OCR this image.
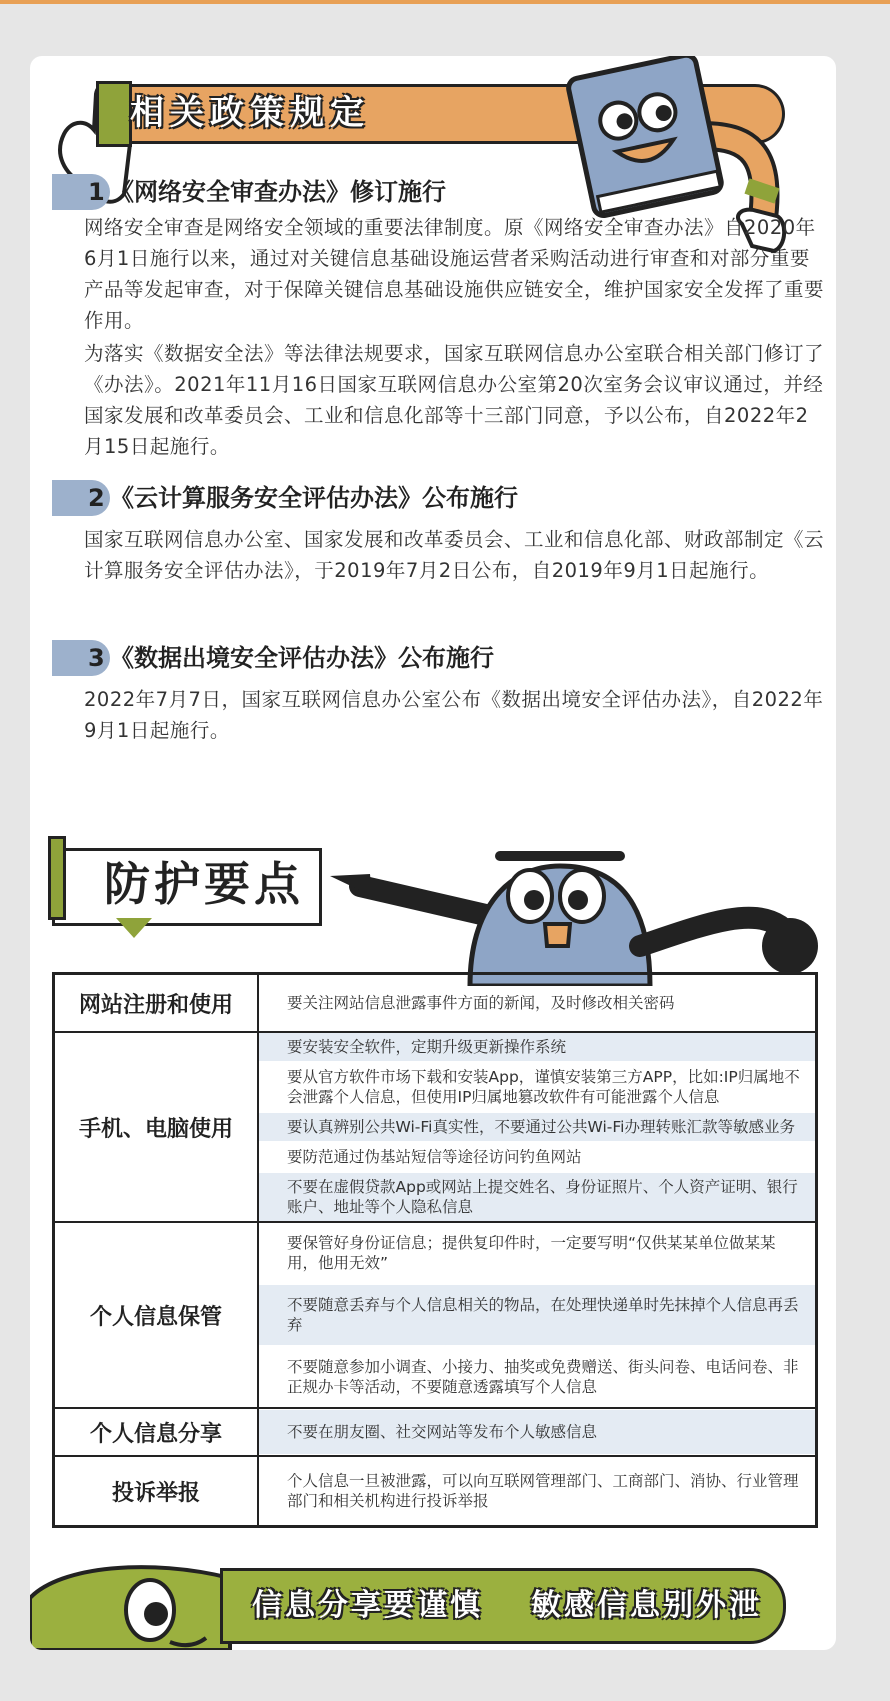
相关政策规定
1 《网络安全审查办法》修订施行

网络安全审查是网络安全领域的重要法律制度。原《网络安全审查办法》自2020年6月1日施行以来，通过对关键信息基础设施运营者采购活动进行审查和对部分重要产品等发起审查，对于保障关键信息基础设施供应链安全，维护国家安全发挥了重要作用。

为落实《数据安全法》等法律法规要求，国家互联网信息办公室联合相关部门修订了《办法》。2021年11月16日国家互联网信息办公室第20次室务会议审议通过，并经国家发展和改革委员会、工业和信息化部等十三部门同意，予以公布，自2022年2月15日起施行。

2 《云计算服务安全评估办法》公布施行

国家互联网信息办公室、国家发展和改革委员会、工业和信息化部、财政部制定《云计算服务安全评估办法》，于2019年7月2日公布，自2019年9月1日起施行。

3 《数据出境安全评估办法》公布施行

2022年7月7日，国家互联网信息办公室公布《数据出境安全评估办法》，自2022年9月1日起施行。

防护要点
网站注册和使用	要关注网站信息泄露事件方面的新闻，及时修改相关密码

手机、电脑使用	要安装安全软件，定期升级更新操作系统
要从官方软件市场下载和安装App，谨慎安装第三方APP，比如:IP归属地不会泄露个人信息，但使用IP归属地篡改软件有可能泄露个人信息
要认真辨别公共Wi-Fi真实性，不要通过公共Wi-Fi办理转账汇款等敏感业务
要防范通过伪基站短信等途径访问钓鱼网站
不要在虚假贷款App或网站上提交姓名、身份证照片、个人资产证明、银行账户、地址等个人隐私信息

个人信息保管	要保管好身份证信息；提供复印件时，一定要写明“仅供某某单位做某某用，他用无效”
不要随意丢弃与个人信息相关的物品，在处理快递单时先抹掉个人信息再丢弃
不要随意参加小调查、小接力、抽奖或免费赠送、街头问卷、电话问卷、非正规办卡等活动，不要随意透露填写个人信息

个人信息分享	不要在朋友圈、社交网站等发布个人敏感信息

投诉举报	个人信息一旦被泄露，可以向互联网管理部门、工商部门、消协、行业管理部门和相关机构进行投诉举报
信息分享要谨慎 敏感信息别外泄
